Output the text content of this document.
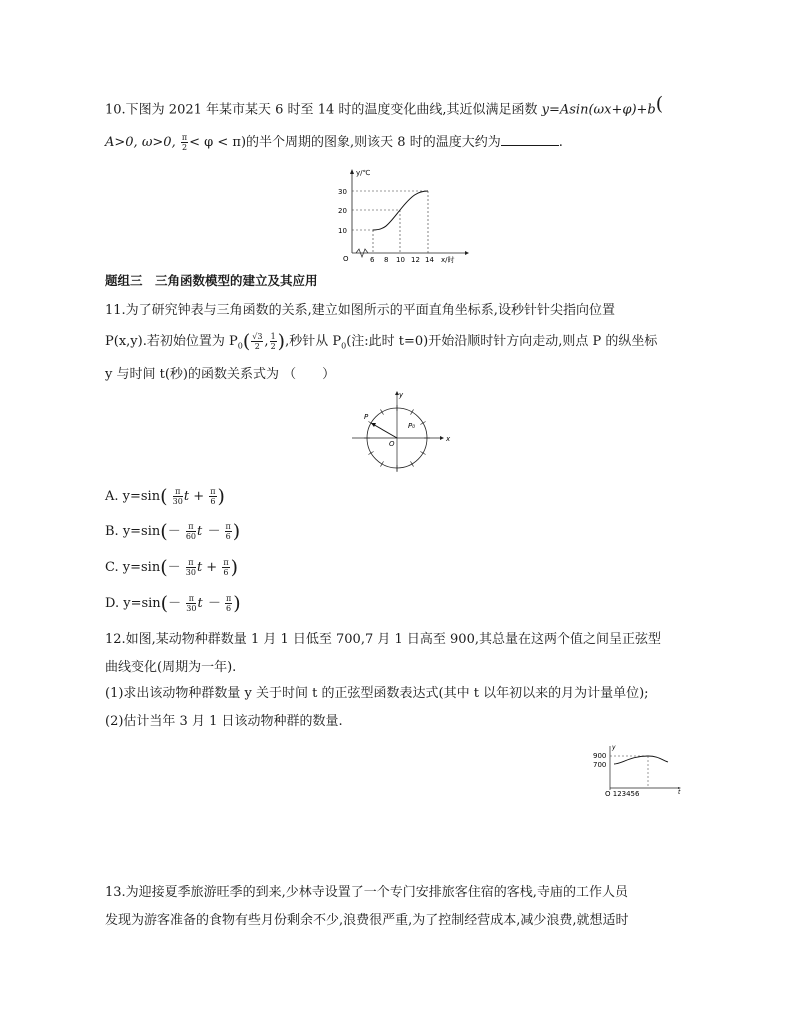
10.下图为 2021 年某市某天 6 时至 14 时的温度变化曲线,其近似满足函数 y=Asin(ωx+φ)+b(
A>0, ω>0, $\frac{\pi}{2} < \varphi < \pi$)的半个周期的图象,则该天 8 时的温度大约为	.
y/℃
x/时
O
10
20
30
6 8 10 12 14
题组三　三角函数模型的建立及其应用
11.为了研究钟表与三角函数的关系,建立如图所示的平面直角坐标系,设秒针针尖指向位置
P(x,y).若初始位置为 $P_0( \frac{√3}{2}$ , $\frac{1}{2}$ ),秒针从 $P_0$(注:此时 t=0)开始沿顺时针方向走动,则点 P 的纵坐标
y 与时间 t(秒)的函数关系式为 （　　）
x
y
O
P
P₀
A. $y=\sin( \frac{\pi}{30}$ $t + \frac{\pi}{6}$ )
B. $y=\sin(- \frac{\pi}{60}$ $t - \frac{\pi}{6}$ )
C. $y=\sin(- \frac{\pi}{30}$ $t + \frac{\pi}{6}$ )
D. $y=\sin(- \frac{\pi}{30}$ $t - \frac{\pi}{6}$ )
12.如图,某动物种群数量 1 月 1 日低至 700,7 月 1 日高至 900,其总量在这两个值之间呈正弦型
曲线变化(周期为一年).
(1)求出该动物种群数量 y 关于时间 t 的正弦型函数表达式(其中 t 以年初以来的月为计量单位);
(2)估计当年 3 月 1 日该动物种群的数量.
y
900
700
O 123456	t
13.为迎接夏季旅游旺季的到来,少林寺设置了一个专门安排旅客住宿的客栈,寺庙的工作人员
发现为游客准备的食物有些月份剩余不少,浪费很严重,为了控制经营成本,减少浪费,就想适时
